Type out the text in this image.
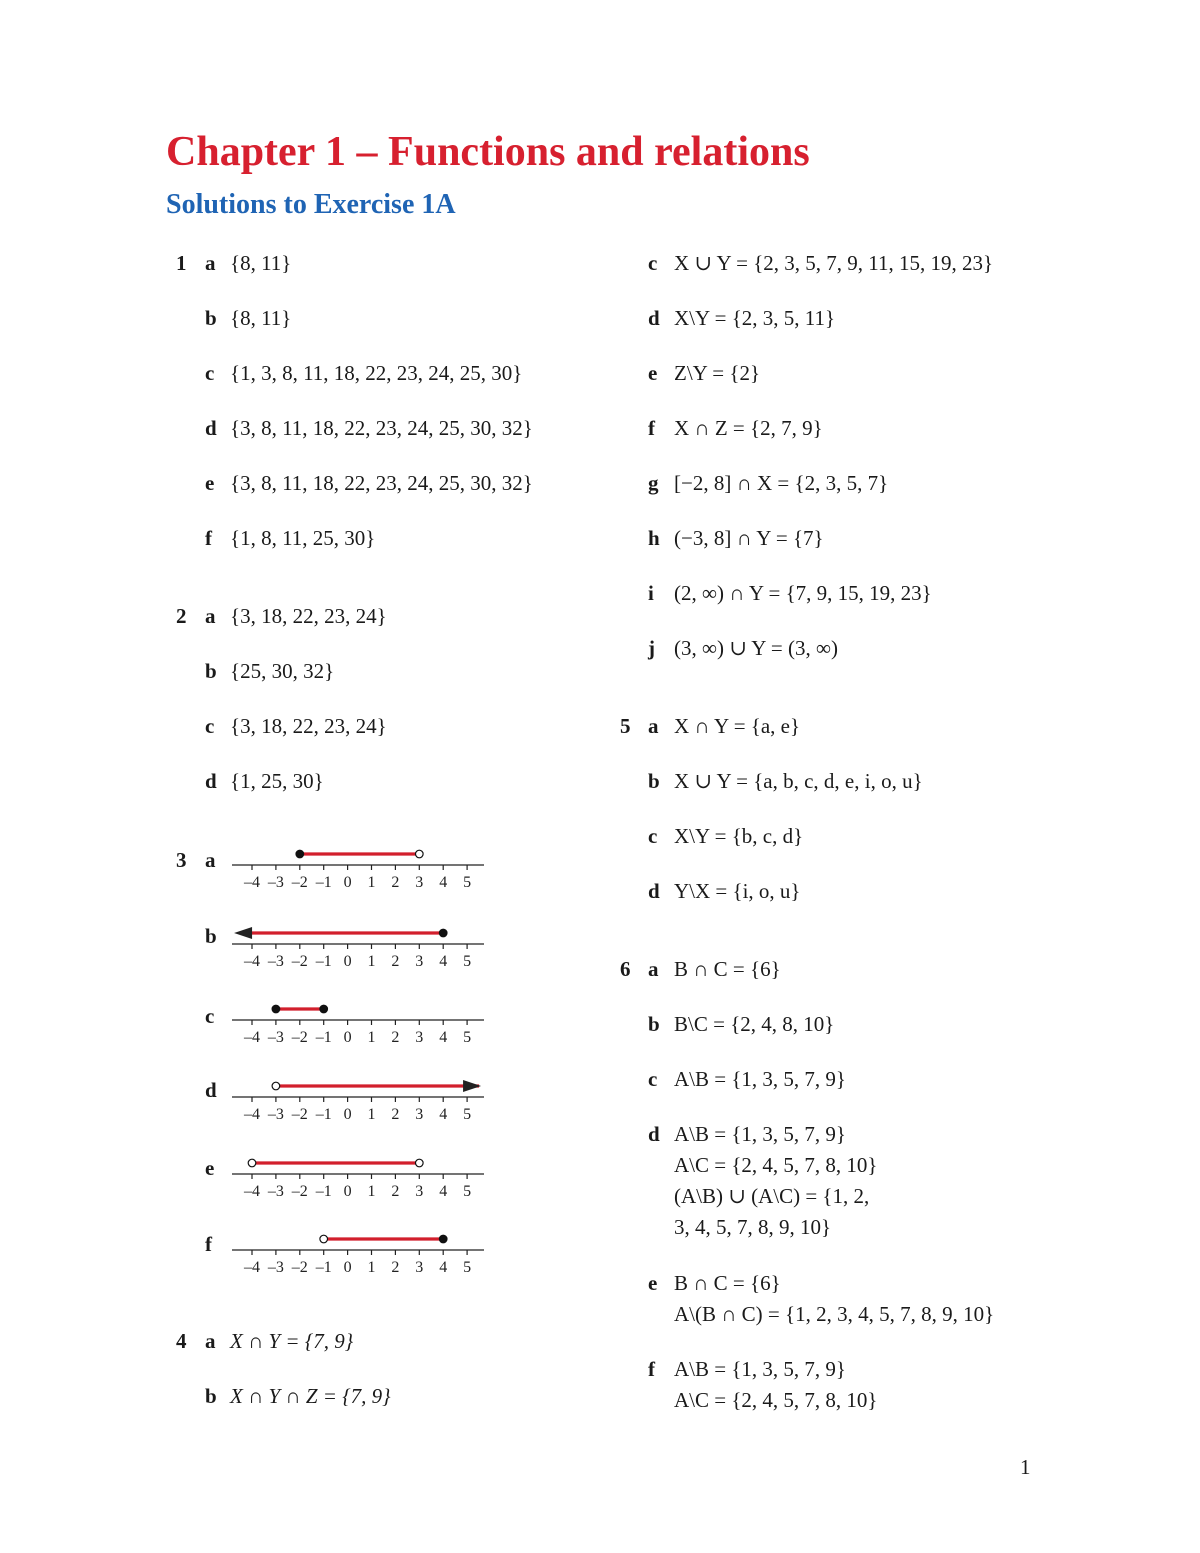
Chapter 1 – Functions and relations
Solutions to Exercise 1A
1 a {8, 11}
b {8, 11}
c {1, 3, 8, 11, 18, 22, 23, 24, 25, 30}
d {3, 8, 11, 18, 22, 23, 24, 25, 30, 32}
e {3, 8, 11, 18, 22, 23, 24, 25, 30, 32}
f {1, 8, 11, 25, 30}
2 a {3, 18, 22, 23, 24}
b {25, 30, 32}
c {3, 18, 22, 23, 24}
d {1, 25, 30}
3 a
–4 –3 –2 –1 0 1 2 3 4 5
b
–4 –3 –2 –1 0 1 2 3 4 5
c
–4 –3 –2 –1 0 1 2 3 4 5
d
–4 –3 –2 –1 0 1 2 3 4 5
e
–4 –3 –2 –1 0 1 2 3 4 5
f
–4 –3 –2 –1 0 1 2 3 4 5
4 a X ∩ Y = {7, 9}
b X ∩ Y ∩ Z = {7, 9}
c X ∪ Y = {2, 3, 5, 7, 9, 11, 15, 19, 23}
d X\Y = {2, 3, 5, 11}
e Z\Y = {2}
f X ∩ Z = {2, 7, 9}
g [−2, 8] ∩ X = {2, 3, 5, 7}
h (−3, 8] ∩ Y = {7}
i (2, ∞) ∩ Y = {7, 9, 15, 19, 23}
j (3, ∞) ∪ Y = (3, ∞)
5 a X ∩ Y = {a, e}
b X ∪ Y = {a, b, c, d, e, i, o, u}
c X\Y = {b, c, d}
d Y\X = {i, o, u}
6 a B ∩ C = {6}
b B\C = {2, 4, 8, 10}
c A\B = {1, 3, 5, 7, 9}
d A\B = {1, 3, 5, 7, 9}
A\C = {2, 4, 5, 7, 8, 10}
(A\B) ∪ (A\C) = {1, 2,
3, 4, 5, 7, 8, 9, 10}
e B ∩ C = {6}
A\(B ∩ C) = {1, 2, 3, 4, 5, 7, 8, 9, 10}
f A\B = {1, 3, 5, 7, 9}
A\C = {2, 4, 5, 7, 8, 10}
1
